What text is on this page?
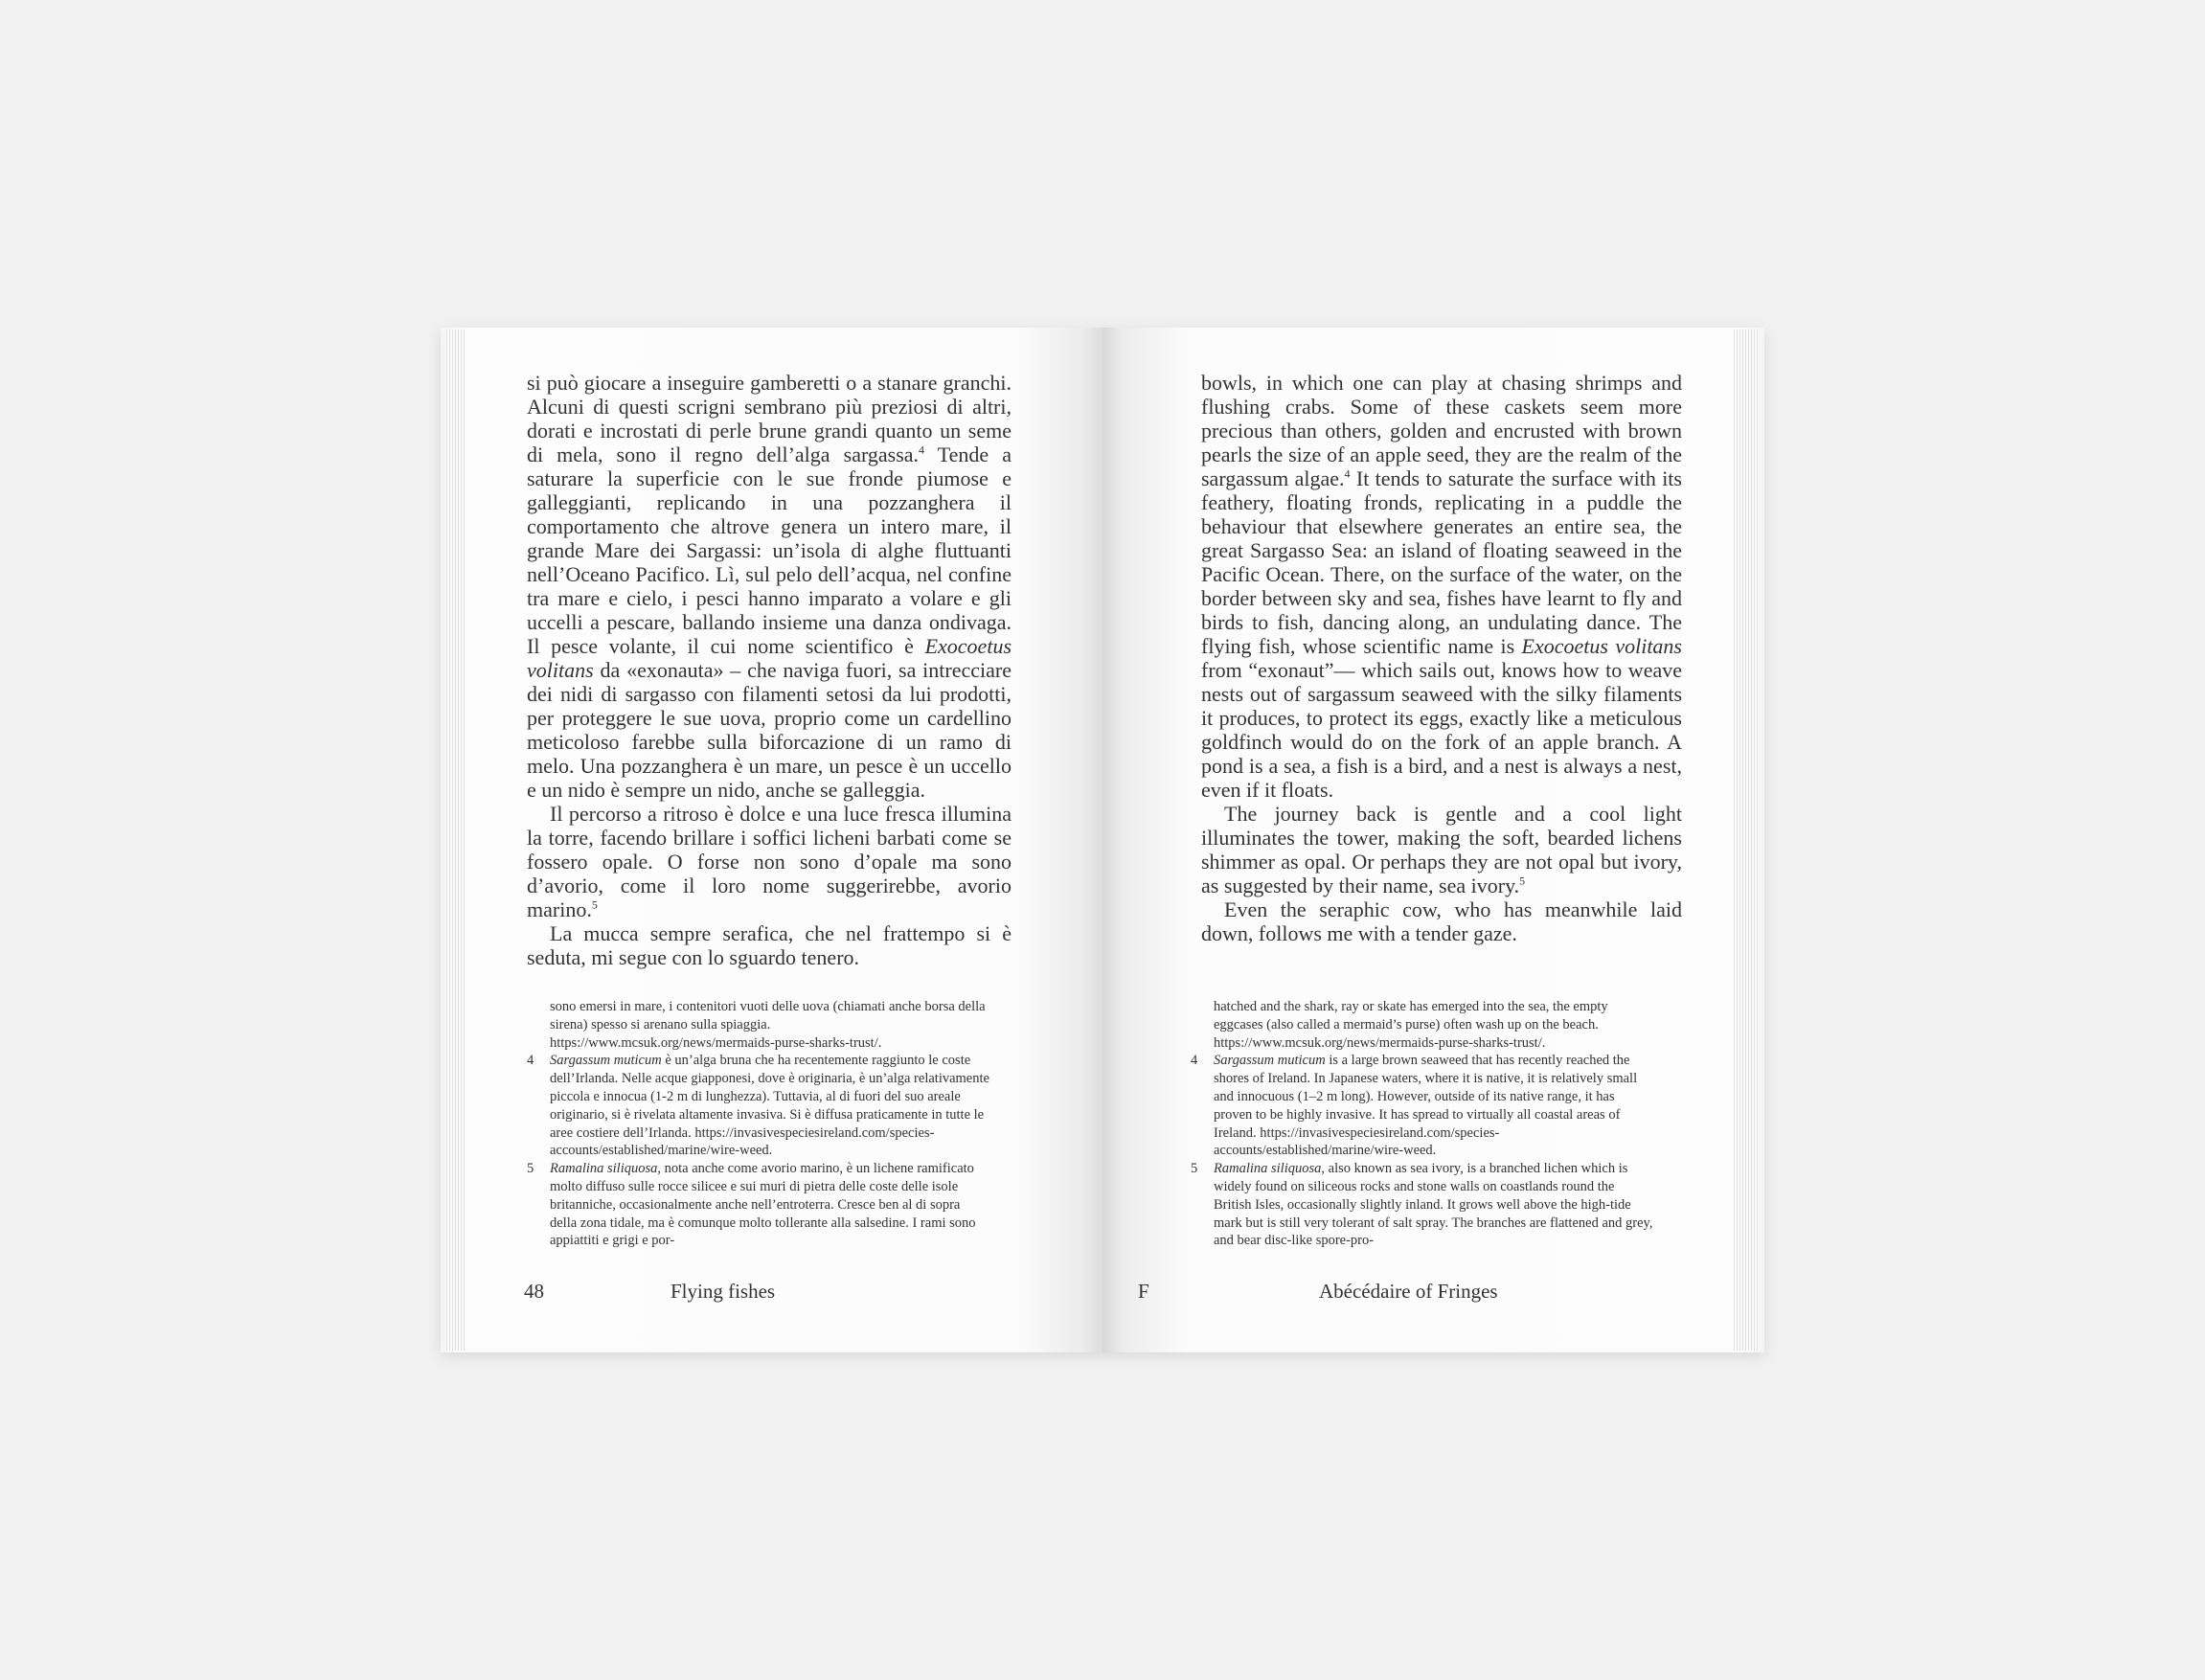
si può giocare a inseguire gamberetti o a stanare granchi. Alcuni di questi scrigni sembrano più preziosi di altri, dorati e incrostati di perle brune grandi quanto un seme di mela, sono il regno dell’alga sargassa.$^4$ Tende a saturare la superficie con le sue fronde piumose e galleggianti, replicando in una pozzanghera il comportamento che altrove genera un intero mare, il grande Mare dei Sargassi: un’isola di alghe fluttuanti nell’Oceano Pacifico. Lì, sul pelo dell’acqua, nel confine tra mare e cielo, i pesci hanno imparato a volare e gli uccelli a pescare, ballando insieme una danza ondivaga. Il pesce volante, il cui nome scientifico è Exocoetus volitans da «exonauta» – che naviga fuori, sa intrecciare dei nidi di sargasso con filamenti setosi da lui prodotti, per proteggere le sue uova, proprio come un cardellino meticoloso farebbe sulla biforcazione di un ramo di melo. Una pozzanghera è un mare, un pesce è un uccello e un nido è sempre un nido, anche se galleggia.

Il percorso a ritroso è dolce e una luce fresca illumina la torre, facendo brillare i soffici licheni barbati come se fossero opale. O forse non sono d’opale ma sono d’avorio, come il loro nome suggerirebbe, avorio marino.$^5$

La mucca sempre serafica, che nel frattempo si è seduta, mi segue con lo sguardo tenero.

sono emersi in mare, i contenitori vuoti delle uova (chiamati anche borsa della sirena) spesso si arenano sulla spiaggia. https://www.mcsuk.org/news/mermaids-purse-sharks-trust/.

4 Sargassum muticum è un’alga bruna che ha recentemente raggiunto le coste dell’Irlanda. Nelle acque giapponesi, dove è originaria, è un’alga relativamente piccola e innocua (1-2 m di lunghezza). Tuttavia, al di fuori del suo areale originario, si è rivelata altamente invasiva. Si è diffusa praticamente in tutte le aree costiere dell’Irlanda. https://invasivespeciesireland.com/species-accounts/established/marine/wire-weed.

5 Ramalina siliquosa, nota anche come avorio marino, è un lichene ramificato molto diffuso sulle rocce silicee e sui muri di pietra delle coste delle isole britanniche, occasionalmente anche nell’entroterra. Cresce ben al di sopra della zona tidale, ma è comunque molto tollerante alla salsedine. I rami sono appiattiti e grigi e por-

48	Flying fishes

bowls, in which one can play at chasing shrimps and flushing crabs. Some of these caskets seem more precious than others, golden and encrusted with brown pearls the size of an apple seed, they are the realm of the sargassum algae.$^4$ It tends to saturate the surface with its feathery, floating fronds, replicating in a puddle the behaviour that elsewhere generates an entire sea, the great Sargasso Sea: an island of floating seaweed in the Pacific Ocean. There, on the surface of the water, on the border between sky and sea, fishes have learnt to fly and birds to fish, dancing along, an undulating dance. The flying fish, whose scientific name is Exocoetus volitans from “exonaut”— which sails out, knows how to weave nests out of sargassum seaweed with the silky filaments it produces, to protect its eggs, exactly like a meticulous goldfinch would do on the fork of an apple branch. A pond is a sea, a fish is a bird, and a nest is always a nest, even if it floats.

The journey back is gentle and a cool light illuminates the tower, making the soft, bearded lichens shimmer as opal. Or perhaps they are not opal but ivory, as suggested by their name, sea ivory.$^5$

Even the seraphic cow, who has meanwhile laid down, follows me with a tender gaze.

hatched and the shark, ray or skate has emerged into the sea, the empty eggcases (also called a mermaid’s purse) often wash up on the beach. https://www.mcsuk.org/news/mermaids-purse-sharks-trust/.

4 Sargassum muticum is a large brown seaweed that has recently reached the shores of Ireland. In Japanese waters, where it is native, it is relatively small and innocuous (1–2 m long). However, outside of its native range, it has proven to be highly invasive. It has spread to virtually all coastal areas of Ireland. https://invasivespeciesireland.com/species-accounts/established/marine/wire-weed.

5 Ramalina siliquosa, also known as sea ivory, is a branched lichen which is widely found on siliceous rocks and stone walls on coastlands round the British Isles, occasionally slightly inland. It grows well above the high-tide mark but is still very tolerant of salt spray. The branches are flattened and grey, and bear disc-like spore-pro-

F	Abécédaire of Fringes
